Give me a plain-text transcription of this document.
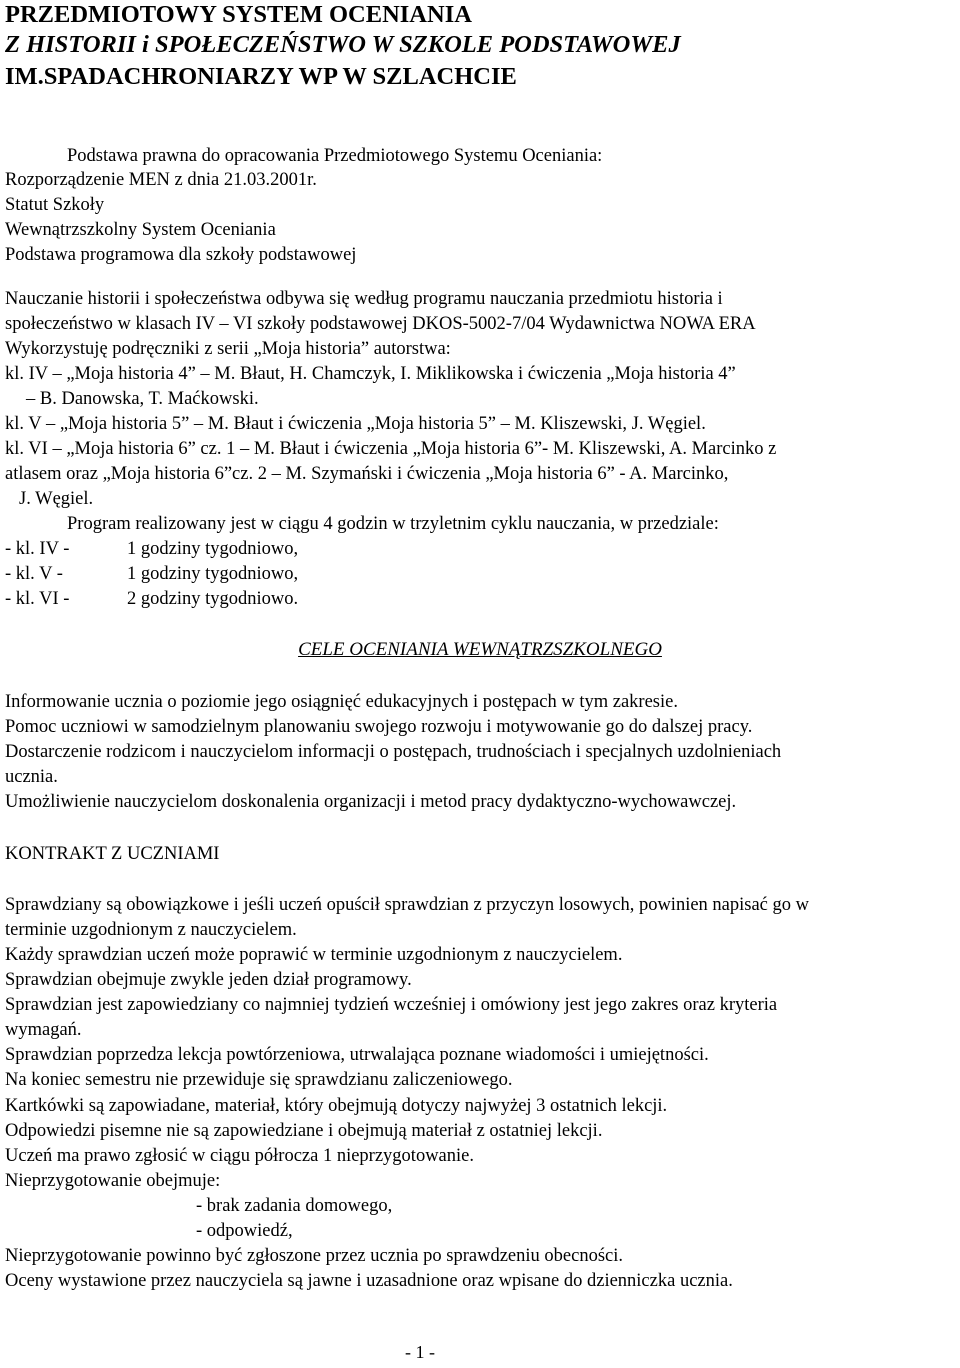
PRZEDMIOTOWY SYSTEM OCENIANIA
Z HISTORII i SPOŁECZEŃSTWO W SZKOLE PODSTAWOWEJ
IM.SPADACHRONIARZY WP W SZLACHCIE
Podstawa prawna do opracowania Przedmiotowego Systemu Oceniania:
Rozporządzenie MEN z dnia 21.03.2001r.
Statut Szkoły
Wewnątrzszkolny System Oceniania
Podstawa programowa dla szkoły podstawowej
Nauczanie historii i społeczeństwa odbywa się według programu nauczania przedmiotu historia i
społeczeństwo w klasach IV – VI szkoły podstawowej DKOS-5002-7/04 Wydawnictwa NOWA ERA
Wykorzystuję podręczniki z serii „Moja historia” autorstwa:
kl. IV – „Moja historia 4” – M. Błaut, H. Chamczyk, I. Miklikowska i ćwiczenia „Moja historia 4”
– B. Danowska, T. Maćkowski.
kl. V – „Moja historia 5” – M. Błaut i ćwiczenia „Moja historia 5” – M. Kliszewski, J. Węgiel.
kl. VI – „Moja historia 6” cz. 1 – M. Błaut i ćwiczenia „Moja historia 6”- M. Kliszewski, A. Marcinko z
atlasem oraz „Moja historia 6”cz. 2 – M. Szymański i ćwiczenia „Moja historia 6” - A. Marcinko,
J. Węgiel.
Program realizowany jest w ciągu 4 godzin w trzyletnim cyklu nauczania, w przedziale:
- kl. IV -	1 godziny tygodniowo,
- kl. V -	1 godziny tygodniowo,
- kl. VI -	2 godziny tygodniowo.
CELE OCENIANIA WEWNĄTRZSZKOLNEGO
Informowanie ucznia o poziomie jego osiągnięć edukacyjnych i postępach w tym zakresie.
Pomoc uczniowi w samodzielnym planowaniu swojego rozwoju i motywowanie go do dalszej pracy.
Dostarczenie rodzicom i nauczycielom informacji o postępach, trudnościach i specjalnych uzdolnieniach
ucznia.
Umożliwienie nauczycielom doskonalenia organizacji i metod pracy dydaktyczno-wychowawczej.
KONTRAKT Z UCZNIAMI
Sprawdziany są obowiązkowe i jeśli uczeń opuścił sprawdzian z przyczyn losowych, powinien napisać go w
terminie uzgodnionym z nauczycielem.
Każdy sprawdzian uczeń może poprawić w terminie uzgodnionym z nauczycielem.
Sprawdzian obejmuje zwykle jeden dział programowy.
Sprawdzian jest zapowiedziany co najmniej tydzień wcześniej i omówiony jest jego zakres oraz kryteria
wymagań.
Sprawdzian poprzedza lekcja powtórzeniowa, utrwalająca poznane wiadomości i umiejętności.
Na koniec semestru nie przewiduje się sprawdzianu zaliczeniowego.
Kartkówki są zapowiadane, materiał, który obejmują dotyczy najwyżej 3 ostatnich lekcji.
Odpowiedzi pisemne nie są zapowiedziane i obejmują materiał z ostatniej lekcji.
Uczeń ma prawo zgłosić w ciągu półrocza 1 nieprzygotowanie.
Nieprzygotowanie obejmuje:
- brak zadania domowego,
- odpowiedź,
Nieprzygotowanie powinno być zgłoszone przez ucznia po sprawdzeniu obecności.
Oceny wystawione przez nauczyciela są jawne i uzasadnione oraz wpisane do dzienniczka ucznia.
- 1 -
